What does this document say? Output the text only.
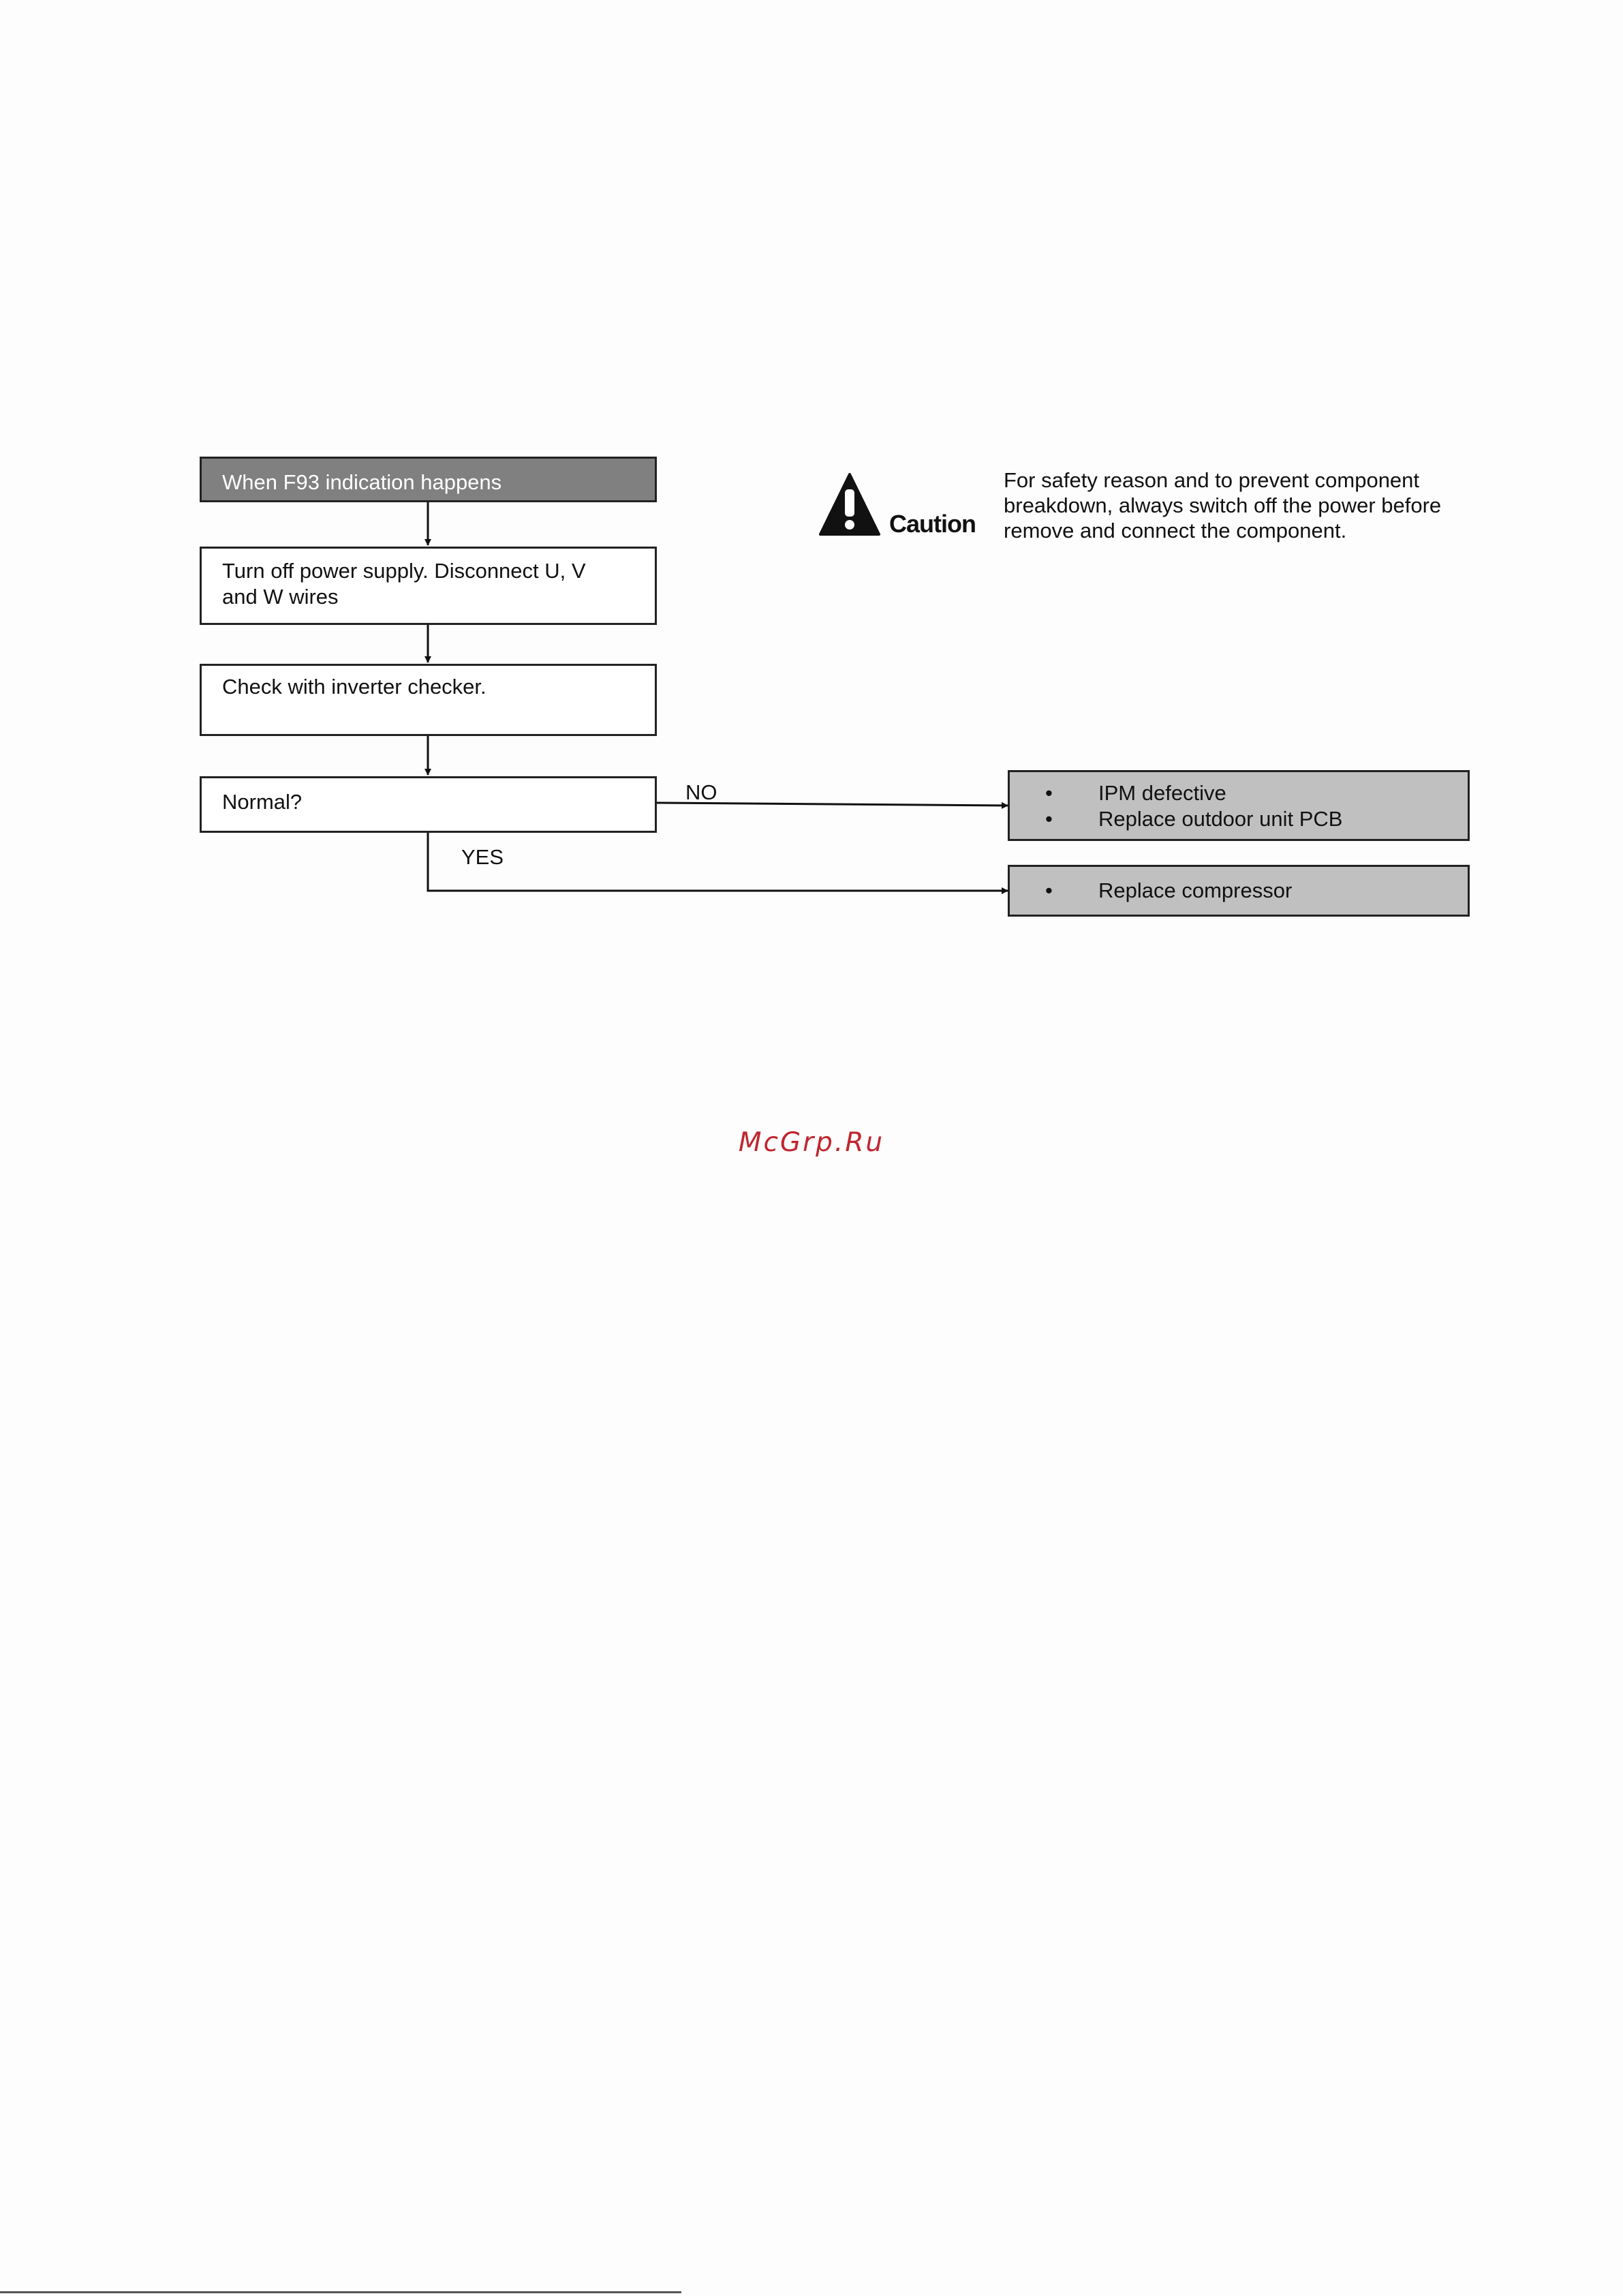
When F93 indication happens
Turn off power supply. Disconnect U, V and W wires
Check with inverter checker.
Normal?	NO
YES
• IPM defective
• Replace outdoor unit PCB
• Replace compressor
Caution
For safety reason and to prevent component breakdown, always switch off the power before remove and connect the component.
McGrp.Ru
